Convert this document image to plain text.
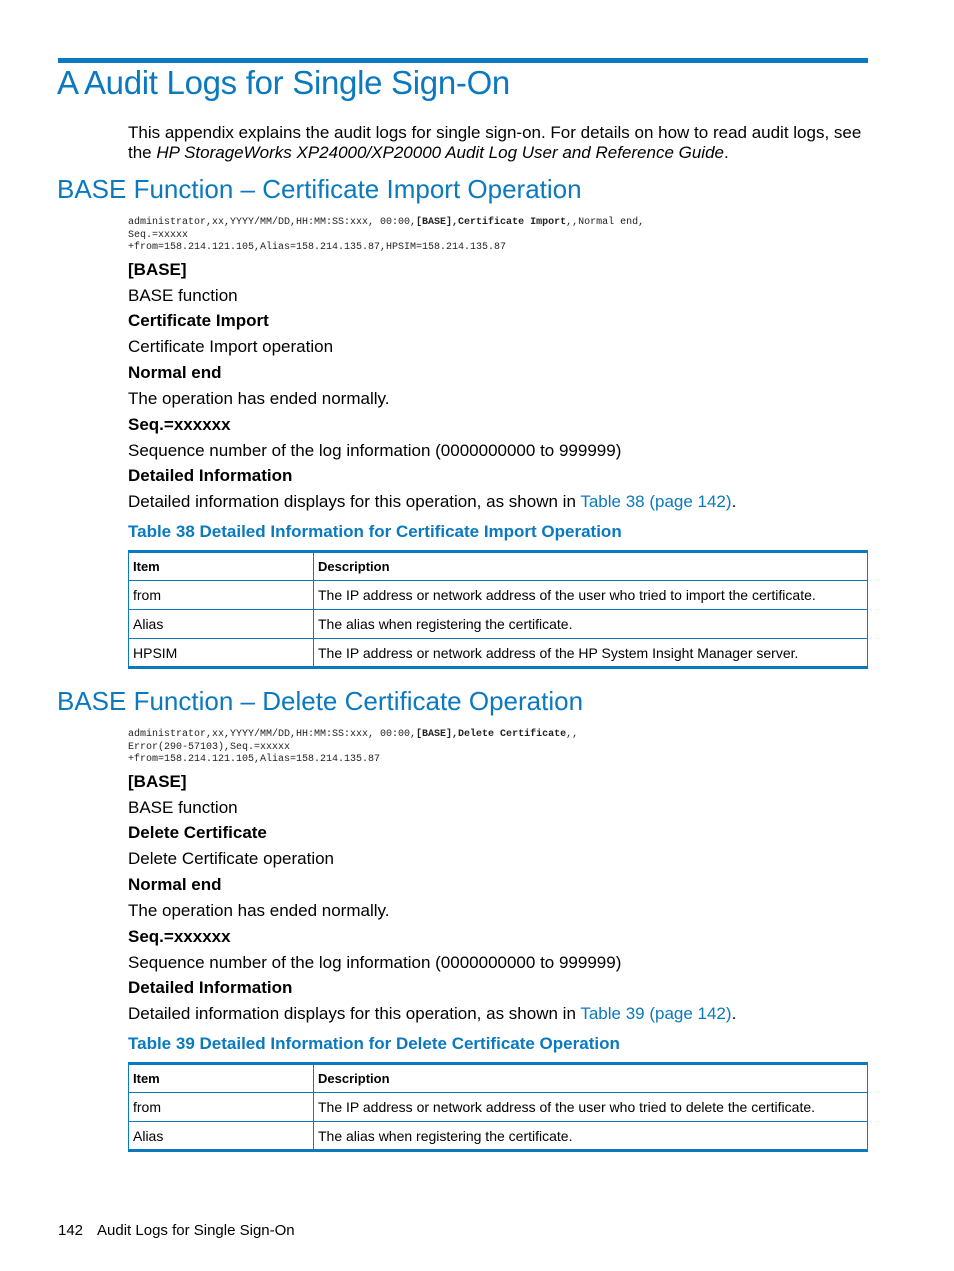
A Audit Logs for Single Sign-On

This appendix explains the audit logs for single sign-on. For details on how to read audit logs, see the HP StorageWorks XP24000/XP20000 Audit Log User and Reference Guide.

BASE Function – Certificate Import Operation
administrator,xx,YYYY/MM/DD,HH:MM:SS:xxx, 00:00,[BASE],Certificate Import,,Normal end,
Seq.=xxxxx
+from=158.214.121.105,Alias=158.214.135.87,HPSIM=158.214.135.87

[BASE]

BASE function

Certificate Import

Certificate Import operation

Normal end

The operation has ended normally.

Seq.=xxxxxx

Sequence number of the log information (0000000000 to 999999)

Detailed Information

Detailed information displays for this operation, as shown in Table 38 (page 142).

Table 38 Detailed Information for Certificate Import Operation

Item	Description
from	The IP address or network address of the user who tried to import the certificate.
Alias	The alias when registering the certificate.
HPSIM	The IP address or network address of the HP System Insight Manager server.
BASE Function – Delete Certificate Operation
administrator,xx,YYYY/MM/DD,HH:MM:SS:xxx, 00:00,[BASE],Delete Certificate,,
Error(290-57103),Seq.=xxxxx
+from=158.214.121.105,Alias=158.214.135.87

[BASE]

BASE function

Delete Certificate

Delete Certificate operation

Normal end

The operation has ended normally.

Seq.=xxxxxx

Sequence number of the log information (0000000000 to 999999)

Detailed Information

Detailed information displays for this operation, as shown in Table 39 (page 142).

Table 39 Detailed Information for Delete Certificate Operation

Item	Description
from	The IP address or network address of the user who tried to delete the certificate.
Alias	The alias when registering the certificate.

142 Audit Logs for Single Sign-On
